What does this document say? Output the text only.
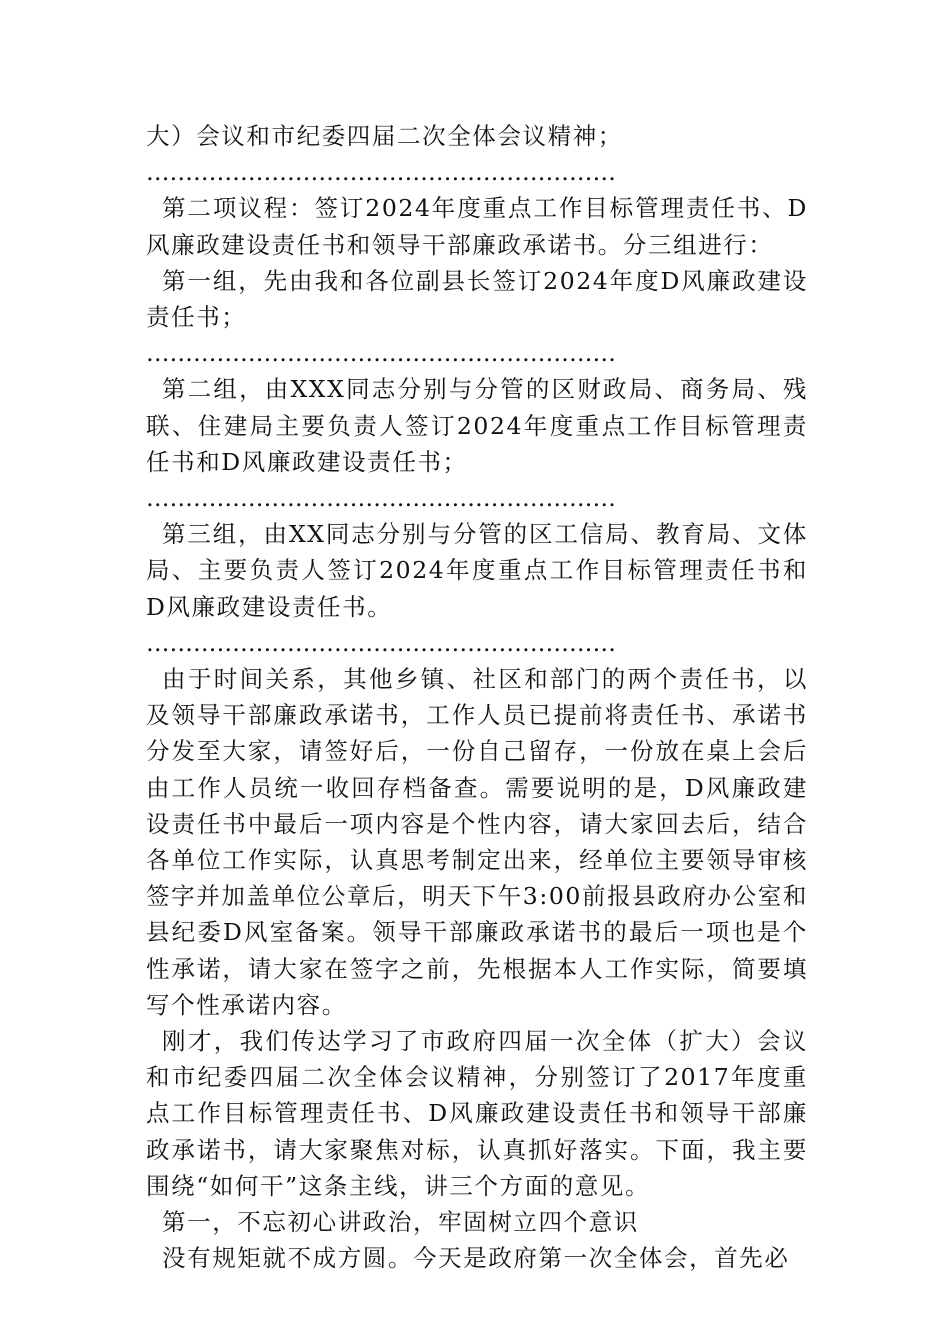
大）会议和市纪委四届二次全体会议精神；

……………………………………………………

第二项议程：签订2024年度重点工作目标管理责任书、D风廉政建设责任书和领导干部廉政承诺书。分三组进行：

第一组，先由我和各位副县长签订2024年度D风廉政建设责任书；

……………………………………………………

第二组，由XXX同志分别与分管的区财政局、商务局、残联、住建局主要负责人签订2024年度重点工作目标管理责任书和D风廉政建设责任书；

……………………………………………………

第三组，由XX同志分别与分管的区工信局、教育局、文体局、主要负责人签订2024年度重点工作目标管理责任书和D风廉政建设责任书。

……………………………………………………

由于时间关系，其他乡镇、社区和部门的两个责任书，以及领导干部廉政承诺书，工作人员已提前将责任书、承诺书分发至大家，请签好后，一份自己留存，一份放在桌上会后由工作人员统一收回存档备查。需要说明的是，D风廉政建设责任书中最后一项内容是个性内容，请大家回去后，结合各单位工作实际，认真思考制定出来，经单位主要领导审核签字并加盖单位公章后，明天下午3:00前报县政府办公室和县纪委D风室备案。领导干部廉政承诺书的最后一项也是个性承诺，请大家在签字之前，先根据本人工作实际，简要填写个性承诺内容。

刚才，我们传达学习了市政府四届一次全体（扩大）会议和市纪委四届二次全体会议精神，分别签订了2017年度重点工作目标管理责任书、D风廉政建设责任书和领导干部廉政承诺书，请大家聚焦对标，认真抓好落实。下面，我主要围绕“如何干”这条主线，讲三个方面的意见。

第一，不忘初心讲政治，牢固树立四个意识

没有规矩就不成方圆。今天是政府第一次全体会，首先必
